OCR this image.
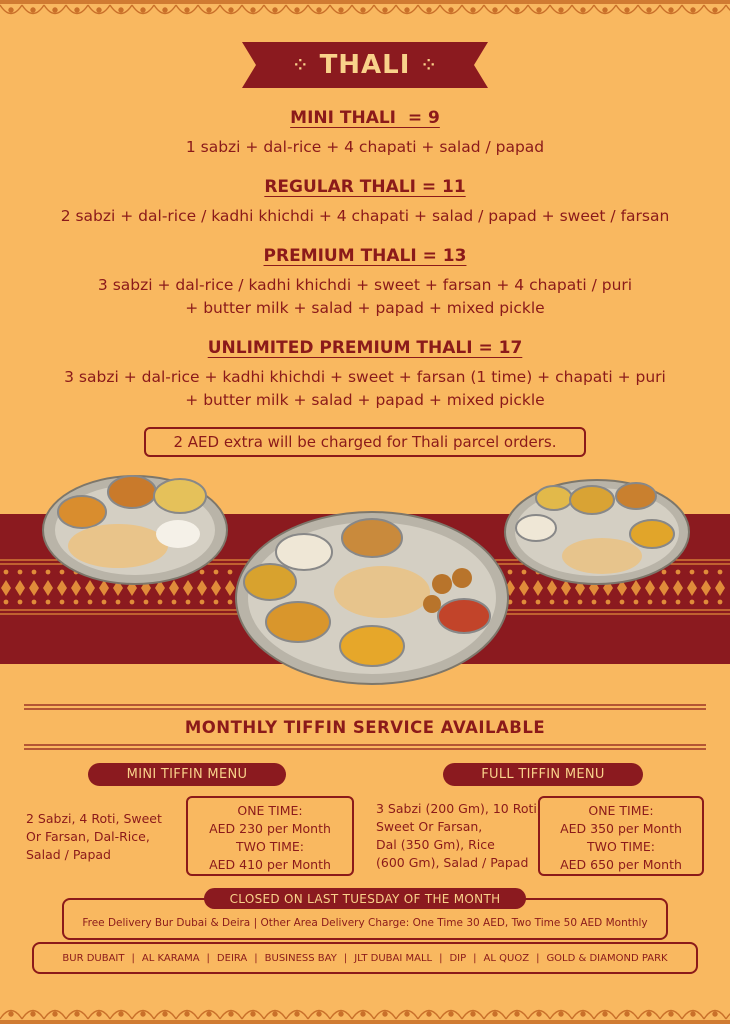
⁘ THALI ⁘
MINI THALI  = 9
1 sabzi + dal-rice + 4 chapati + salad / papad
REGULAR THALI = 11
2 sabzi + dal-rice / kadhi khichdi + 4 chapati + salad / papad + sweet / farsan
PREMIUM THALI = 13
3 sabzi + dal-rice / kadhi khichdi + sweet + farsan + 4 chapati / puri
+ butter milk + salad + papad + mixed pickle
UNLIMITED PREMIUM THALI = 17
3 sabzi + dal-rice + kadhi khichdi + sweet + farsan (1 time) + chapati + puri
+ butter milk + salad + papad + mixed pickle
2 AED extra will be charged for Thali parcel orders.
MONTHLY TIFFIN SERVICE AVAILABLE
MINI TIFFIN MENU	FULL TIFFIN MENU
2 Sabzi, 4 Roti, Sweet
Or Farsan, Dal-Rice,
Salad / Papad
ONE TIME:
AED 230 per Month
TWO TIME:
AED 410 per Month
3 Sabzi (200 Gm), 10 Roti,
Sweet Or Farsan,
Dal (350 Gm), Rice
(600 Gm), Salad / Papad
ONE TIME:
AED 350 per Month
TWO TIME:
AED 650 per Month
Free Delivery Bur Dubai & Deira | Other Area Delivery Charge: One Time 30 AED, Two Time 50 AED Monthly
CLOSED ON LAST TUESDAY OF THE MONTH
BUR DUBAIT | AL KARAMA | DEIRA | BUSINESS BAY | JLT DUBAI MALL | DIP | AL QUOZ | GOLD & DIAMOND PARK
